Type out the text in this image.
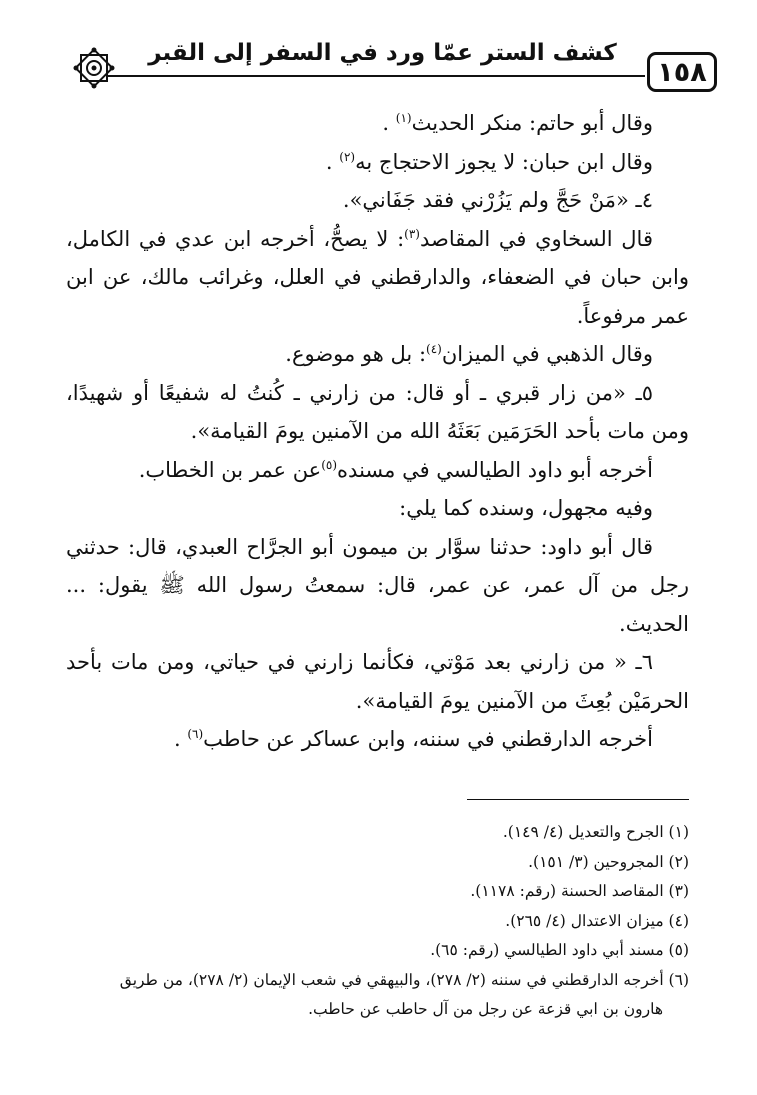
كشف الستر عمّا ورد في السفر إلى القبر
١٥٨

وقال أبو حاتم: منكر الحديث$^{(١)}$ .

وقال ابن حبان: لا يجوز الاحتجاج به$^{(٢)}$ .

٤ـ «مَنْ حَجَّ ولم يَزُرْني فقد جَفَاني».

قال السخاوي في المقاصد$^{(٣)}$: لا يصحُّ، أخرجه ابن عدي في الكامل، وابن حبان في الضعفاء، والدارقطني في العلل، وغرائب مالك، عن ابن عمر مرفوعاً.

وقال الذهبي في الميزان$^{(٤)}$: بل هو موضوع.

٥ـ «من زار قبري ـ أو قال: من زارني ـ كُنتُ له شفيعًا أو شهيدًا، ومن مات بأحد الحَرَمَين بَعَثَهُ الله من الآمنين يومَ القيامة».

أخرجه أبو داود الطيالسي في مسنده$^{(٥)}$عن عمر بن الخطاب.

وفيه مجهول، وسنده كما يلي:

قال أبو داود: حدثنا سوَّار بن ميمون أبو الجرَّاح العبدي، قال: حدثني رجل من آل عمر، عن عمر، قال: سمعتُ رسول الله ﷺ يقول: ... الحديث.

٦ـ « من زارني بعد مَوْتي، فكأنما زارني في حياتي، ومن مات بأحد الحرمَيْن بُعِثَ من الآمنين يومَ القيامة».

أخرجه الدارقطني في سننه، وابن عساكر عن حاطب$^{(٦)}$ .

(١) الجرح والتعديل (٤/ ١٤٩).

(٢) المجروحين (٣/ ١٥١).

(٣) المقاصد الحسنة (رقم: ١١٧٨).

(٤) ميزان الاعتدال (٤/ ٢٦٥).

(٥) مسند أبي داود الطيالسي (رقم: ٦٥).

(٦) أخرجه الدارقطني في سننه (٢/ ٢٧٨)، والبيهقي في شعب الإيمان (٢/ ٢٧٨)، من طريق

هارون بن ابي قزعة عن رجل من آل حاطب عن حاطب.
